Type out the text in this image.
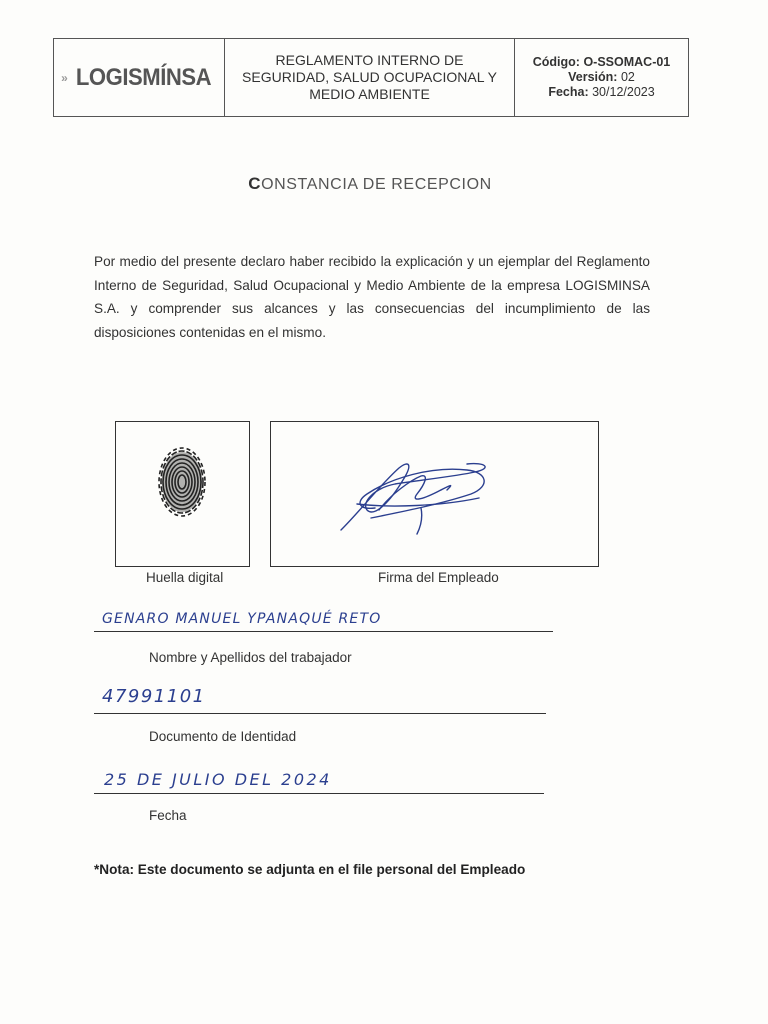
» LOGISMÍNSA
REGLAMENTO INTERNO DE SEGURIDAD, SALUD OCUPACIONAL Y MEDIO AMBIENTE
Código: O-SSOMAC-01
Versión: 02
Fecha: 30/12/2023
CONSTANCIA DE RECEPCION
Por medio del presente declaro haber recibido la explicación y un ejemplar del Reglamento Interno de Seguridad, Salud Ocupacional y Medio Ambiente de la empresa LOGISMINSA S.A. y comprender sus alcances y las consecuencias del incumplimiento de las disposiciones contenidas en el mismo.
Huella digital	Firma del Empleado
GENARO MANUEL YPANAQUÉ RETO
Nombre y Apellidos del trabajador
47991101
Documento de Identidad
25 DE JULIO DEL 2024
Fecha
*Nota: Este documento se adjunta en el file personal del Empleado
